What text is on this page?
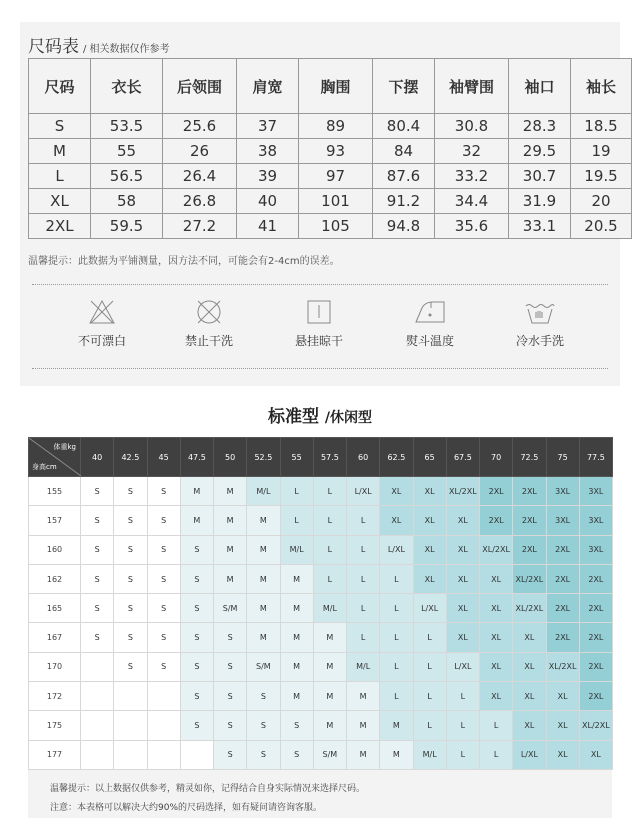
尺码表 / 相关数据仅作参考
尺码	衣长	后领围	肩宽	胸围	下摆	袖臂围	袖口	袖长
S	53.5	25.6	37	89	80.4	30.8	28.3	18.5
M	55	26	38	93	84	32	29.5	19
L	56.5	26.4	39	97	87.6	33.2	30.7	19.5
XL	58	26.8	40	101	91.2	34.4	31.9	20
2XL	59.5	27.2	41	105	94.8	35.6	33.1	20.5
温馨提示：此数据为平铺测量，因方法不同，可能会有2-4cm的误差。
不可漂白	禁止干洗	悬挂晾干	熨斗温度	冷水手洗
标准型 /休闲型
体重kg
身高cm	40	42.5	45	47.5	50	52.5	55	57.5	60	62.5	65	67.5	70	72.5	75	77.5
155	S	S	S	M	M	M/L	L	L	L/XL	XL	XL	XL/2XL	2XL	2XL	3XL	3XL
157	S	S	S	M	M	M	L	L	L	XL	XL	XL	2XL	2XL	3XL	3XL
160	S	S	S	S	M	M	M/L	L	L	L/XL	XL	XL	XL/2XL	2XL	2XL	3XL
162	S	S	S	S	M	M	M	L	L	L	XL	XL	XL	XL/2XL	2XL	2XL
165	S	S	S	S	S/M	M	M	M/L	L	L	L/XL	XL	XL	XL/2XL	2XL	2XL
167	S	S	S	S	S	M	M	M	L	L	L	XL	XL	XL	2XL	2XL
170		S	S	S	S	S/M	M	M	M/L	L	L	L/XL	XL	XL	XL/2XL	2XL
172				S	S	S	M	M	M	L	L	L	XL	XL	XL	2XL
175				S	S	S	S	M	M	M	L	L	L	XL	XL	XL/2XL
177					S	S	S	S/M	M	M	M/L	L	L	L/XL	XL	XL
温馨提示：以上数据仅供参考，精灵如你，记得结合自身实际情况来选择尺码。
注意：本表格可以解决大约90%的尺码选择，如有疑问请咨询客服。
